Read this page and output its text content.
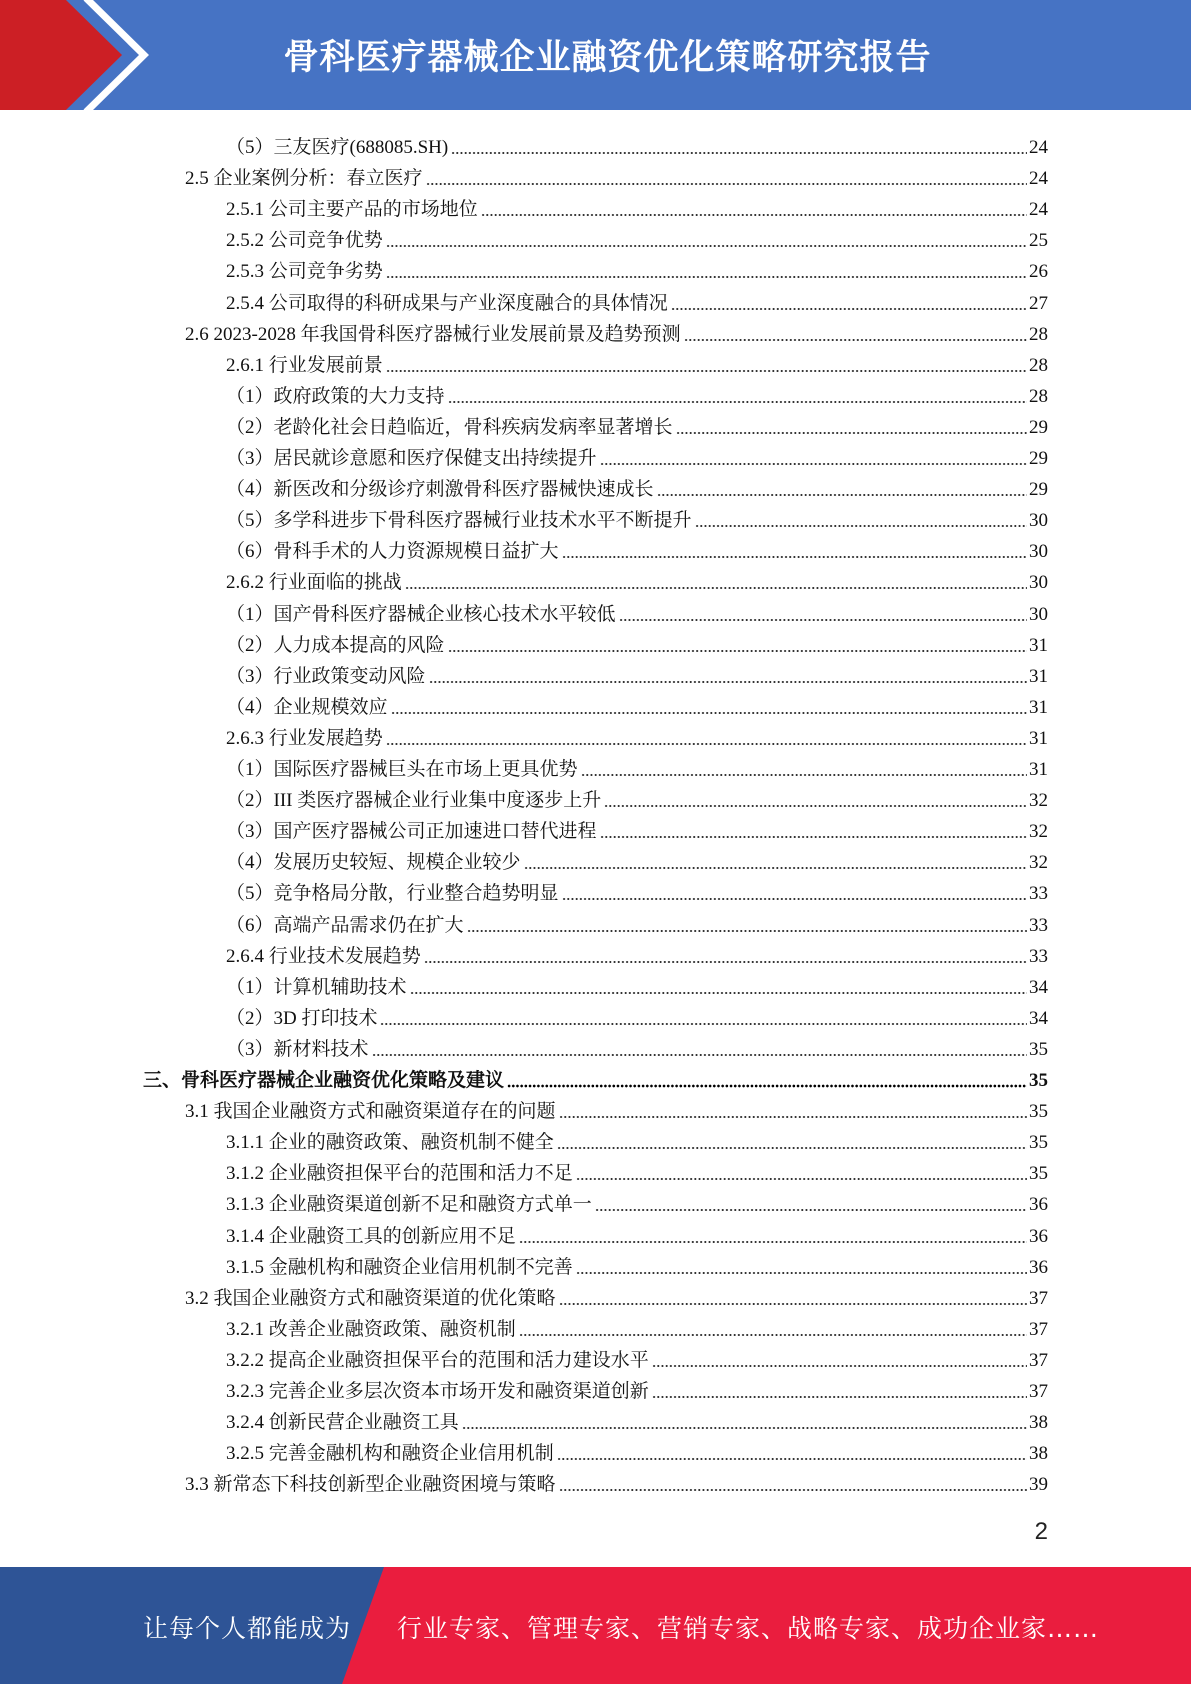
骨科医疗器械企业融资优化策略研究报告
（5）三友医疗(688085.SH)	24
2.5 企业案例分析：春立医疗	24
2.5.1 公司主要产品的市场地位	24
2.5.2 公司竞争优势	25
2.5.3 公司竞争劣势	26
2.5.4 公司取得的科研成果与产业深度融合的具体情况	27
2.6 2023-2028 年我国骨科医疗器械行业发展前景及趋势预测	28
2.6.1 行业发展前景	28
（1）政府政策的大力支持	28
（2）老龄化社会日趋临近，骨科疾病发病率显著增长	29
（3）居民就诊意愿和医疗保健支出持续提升	29
（4）新医改和分级诊疗刺激骨科医疗器械快速成长	29
（5）多学科进步下骨科医疗器械行业技术水平不断提升	30
（6）骨科手术的人力资源规模日益扩大	30
2.6.2 行业面临的挑战	30
（1）国产骨科医疗器械企业核心技术水平较低	30
（2）人力成本提高的风险	31
（3）行业政策变动风险	31
（4）企业规模效应	31
2.6.3 行业发展趋势	31
（1）国际医疗器械巨头在市场上更具优势	31
（2）III 类医疗器械企业行业集中度逐步上升	32
（3）国产医疗器械公司正加速进口替代进程	32
（4）发展历史较短、规模企业较少	32
（5）竞争格局分散，行业整合趋势明显	33
（6）高端产品需求仍在扩大	33
2.6.4 行业技术发展趋势	33
（1）计算机辅助技术	34
（2）3D 打印技术	34
（3）新材料技术	35
三、骨科医疗器械企业融资优化策略及建议	35
3.1 我国企业融资方式和融资渠道存在的问题	35
3.1.1 企业的融资政策、融资机制不健全	35
3.1.2 企业融资担保平台的范围和活力不足	35
3.1.3 企业融资渠道创新不足和融资方式单一	36
3.1.4 企业融资工具的创新应用不足	36
3.1.5 金融机构和融资企业信用机制不完善	36
3.2 我国企业融资方式和融资渠道的优化策略	37
3.2.1 改善企业融资政策、融资机制	37
3.2.2 提高企业融资担保平台的范围和活力建设水平	37
3.2.3 完善企业多层次资本市场开发和融资渠道创新	37
3.2.4 创新民营企业融资工具	38
3.2.5 完善金融机构和融资企业信用机制	38
3.3 新常态下科技创新型企业融资困境与策略	39
2
让每个人都能成为 行业专家、管理专家、营销专家、战略专家、成功企业家……
